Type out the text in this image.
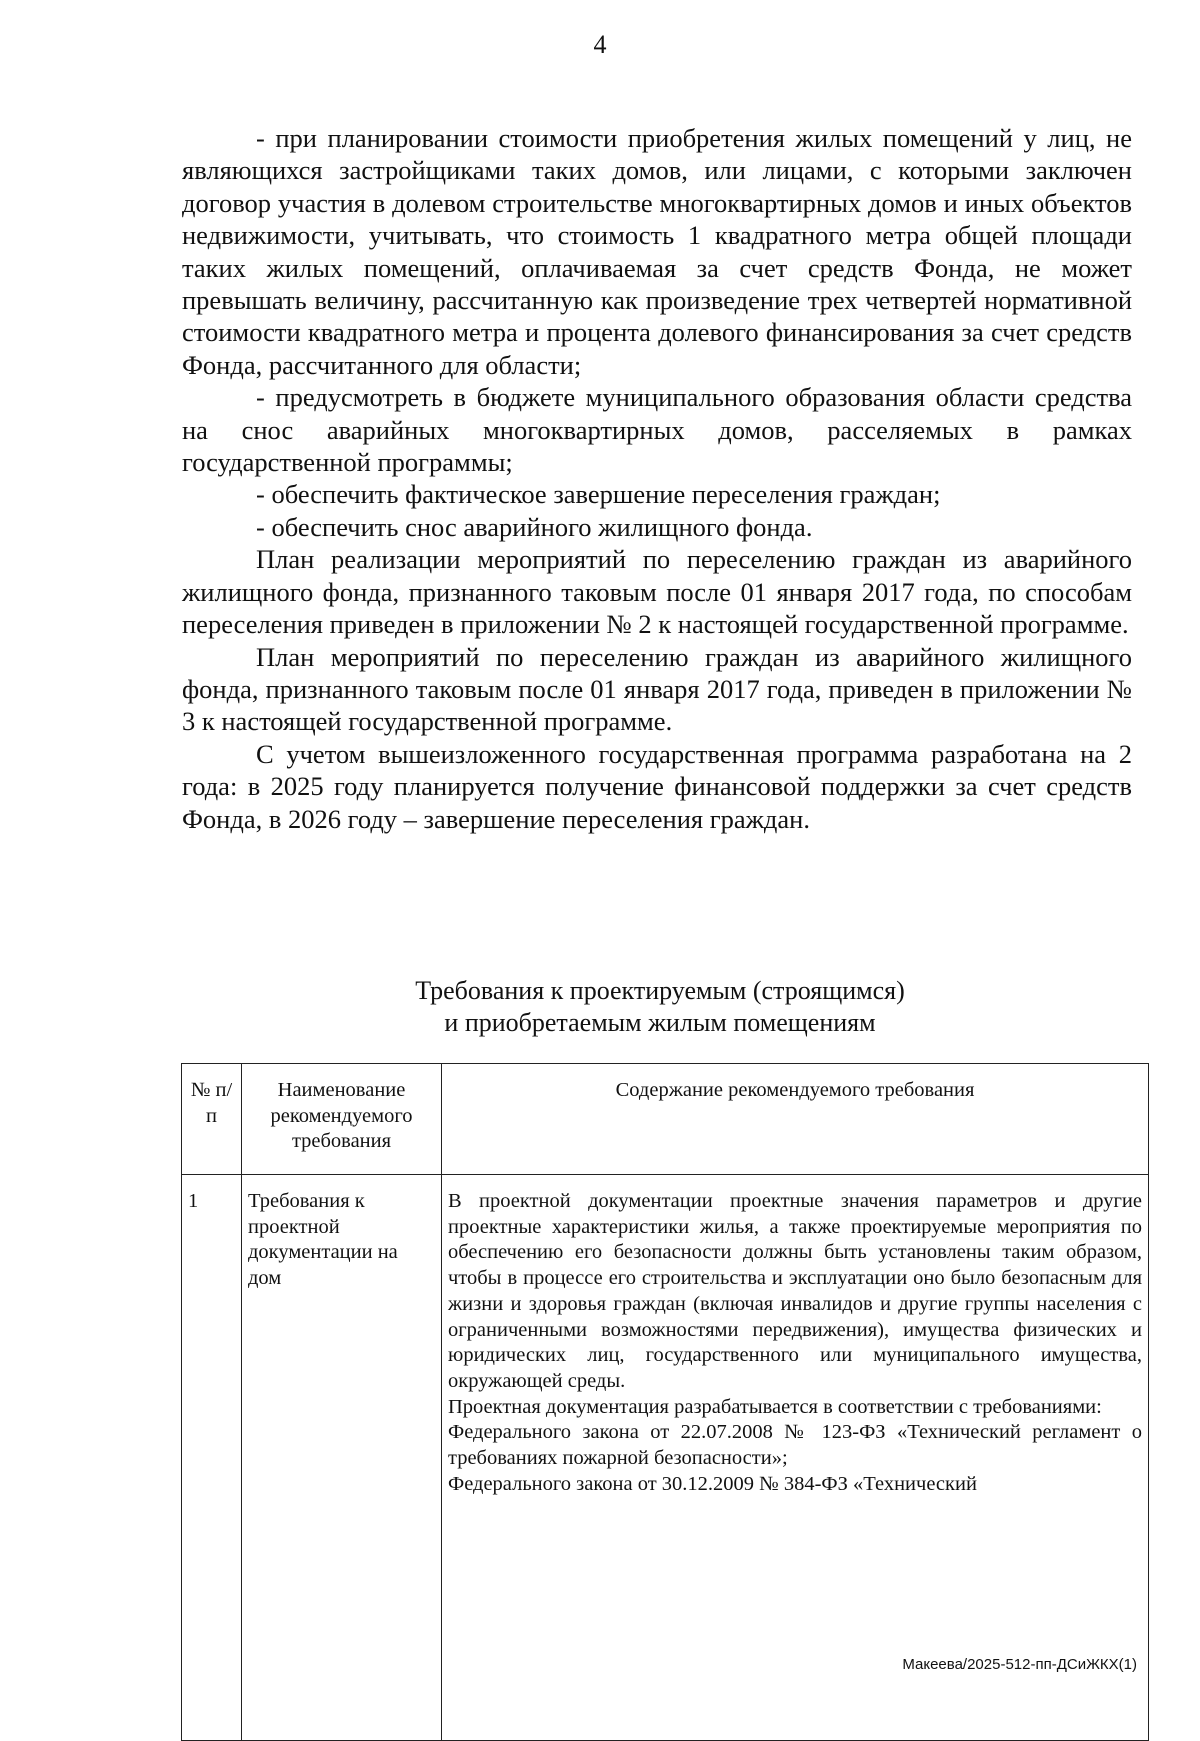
4

- при планировании стоимости приобретения жилых помещений у лиц, не являющихся застройщиками таких домов, или лицами, с которыми заключен договор участия в долевом строительстве многоквартирных домов и иных объектов недвижимости, учитывать, что стоимость 1 квадратного метра общей площади таких жилых помещений, оплачиваемая за счет средств Фонда, не может превышать величину, рассчитанную как произведение трех четвертей нормативной стоимости квадратного метра и процента долевого финансирования за счет средств Фонда, рассчитанного для области;

- предусмотреть в бюджете муниципального образования области средства на снос аварийных многоквартирных домов, расселяемых в рамках государственной программы;

- обеспечить фактическое завершение переселения граждан;

- обеспечить снос аварийного жилищного фонда.

План реализации мероприятий по переселению граждан из аварийного жилищного фонда, признанного таковым после 01 января 2017 года, по способам переселения приведен в приложении № 2 к настоящей государственной программе.

План мероприятий по переселению граждан из аварийного жилищного фонда, признанного таковым после 01 января 2017 года, приведен в приложении № 3 к настоящей государственной программе.

С учетом вышеизложенного государственная программа разработана на 2 года: в 2025 году планируется получение финансовой поддержки за счет средств Фонда, в 2026 году – завершение переселения граждан.

Требования к проектируемым (строящимся)
и приобретаемым жилым помещениям
№ п/п	Наименование рекомендуемого требования	Содержание рекомендуемого требования
1	Требования к проектной документации на дом	В проектной документации проектные значения параметров и другие проектные характеристики жилья, а также проектируемые мероприятия по обеспечению его безопасности должны быть установлены таким образом, чтобы в процессе его строительства и эксплуатации оно было безопасным для жизни и здоровья граждан (включая инвалидов и другие группы населения с ограниченными возможностями передвижения), имущества физических и юридических лиц, государственного или муниципального имущества, окружающей среды.

Проектная документация разрабатывается в соответствии с требованиями:

Федерального закона от 22.07.2008 № 123-ФЗ «Технический регламент о требованиях пожарной безопасности»;

Федерального закона от 30.12.2009 № 384-ФЗ «Технический

Макеева/2025-512-пп-ДСиЖКХ(1)
